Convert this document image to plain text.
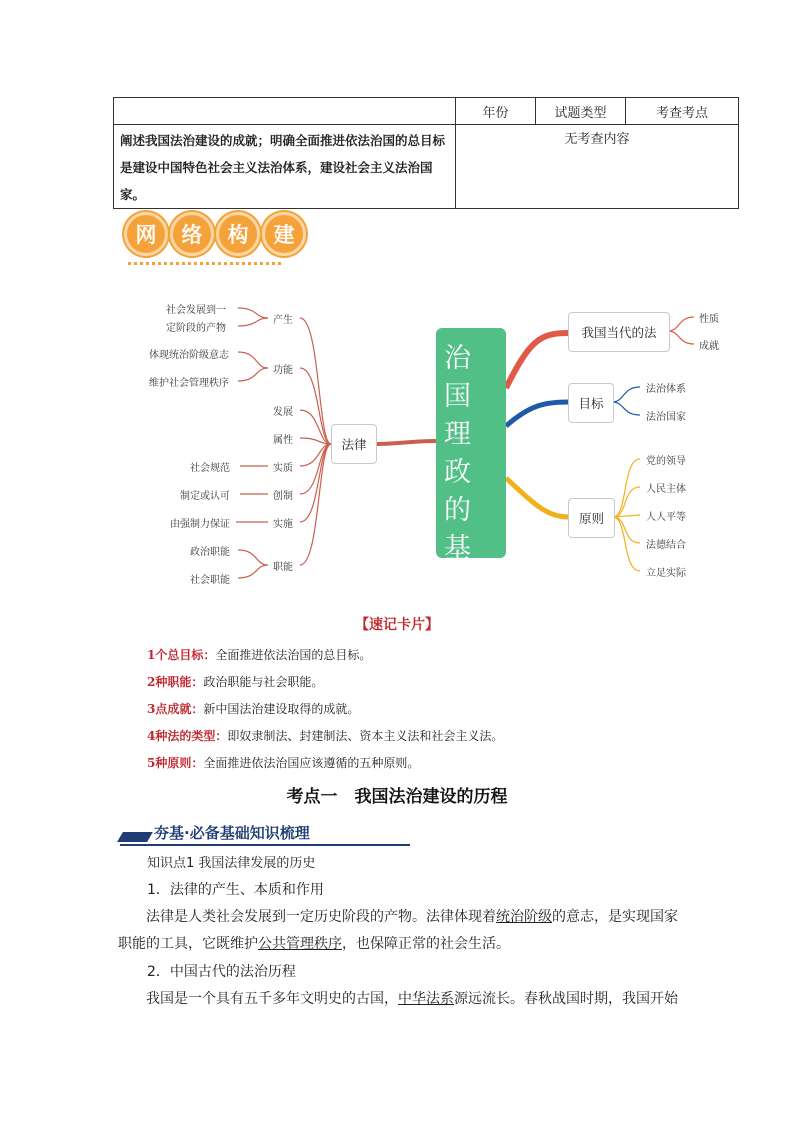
	年份	试题类型	考查考点
阐述我国法治建设的成就；明确全面推进依法治国的总目标是建设中国特色社会主义法治体系，建设社会主义法治国家。	无考查内容		
网	络	构	建
治国理政的基本方式
法律
产生
功能
发展
属性
实质
创制
实施
职能
社会发展到一
定阶段的产物
体现统治阶级意志
维护社会管理秩序
社会规范
制定或认可
由强制力保证
政治职能
社会职能
我国当代的法
目标
原则
性质
成就
法治体系
法治国家
党的领导
人民主体
人人平等
法德结合
立足实际
【速记卡片】
1个总目标：全面推进依法治国的总目标。
2种职能：政治职能与社会职能。
3点成就：新中国法治建设取得的成就。
4种法的类型：即奴隶制法、封建制法、资本主义法和社会主义法。
5种原则：全面推进依法治国应该遵循的五种原则。
考点一　我国法治建设的历程
夯基·必备基础知识梳理
知识点1 我国法律发展的历史
1．法律的产生、本质和作用
法律是人类社会发展到一定历史阶段的产物。法律体现着统治阶级的意志，是实现国家职能的工具，它既维护公共管理秩序，也保障正常的社会生活。
2．中国古代的法治历程
我国是一个具有五千多年文明史的古国，中华法系源远流长。春秋战国时期，我国开始
